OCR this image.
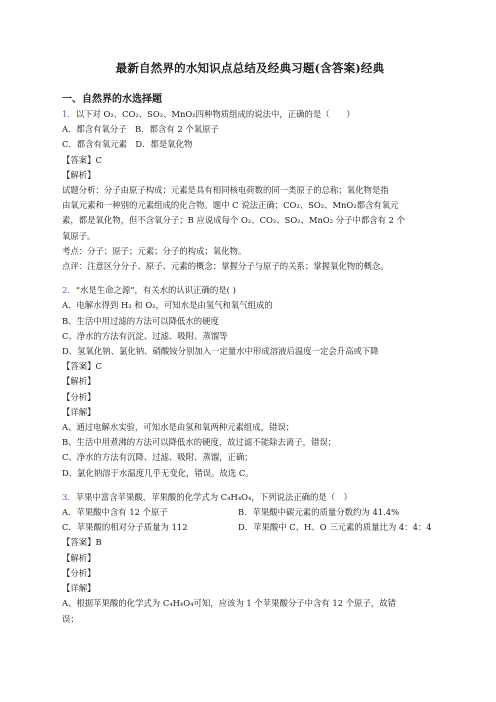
最新自然界的水知识点总结及经典习题(含答案)经典
一、自然界的水选择题
1．以下对 O₂、CO₂、SO₂、MnO₂四种物质组成的说法中，正确的是（　　）
A．都含有氧分子　B．都含有 2 个氧原子
C．都含有氧元素　D．都是氧化物
【答案】C
【解析】
试题分析：分子由原子构成；元素是具有相同核电荷数的同一类原子的总称；氧化物是指
由氧元素和一种别的元素组成的化合物。题中 C 说法正确；CO₂、SO₂、MnO₂都含有氧元
素，都是氧化物，但不含氧分子；B 应说成每个 O₂、CO₂、SO₂、MnO₂ 分子中都含有 2 个
氧原子。
考点：分子；原子；元素；分子的构成；氧化物。
点评：注意区分分子、原子、元素的概念；掌握分子与原子的关系；掌握氧化物的概念。
2．“水是生命之源”，有关水的认识正确的是( )
A、电解水得到 H₂ 和 O₂，可知水是由氢气和氧气组成的
B、生活中用过滤的方法可以降低水的硬度
C、净水的方法有沉淀、过滤、吸附、蒸馏等
D、氢氧化钠、氯化钠、硝酸铵分别加入一定量水中形成溶液后温度一定会升高或下降
【答案】C
【解析】
【分析】
【详解】
A、通过电解水实验，可知水是由氢和氧两种元素组成，错误；
B、生活中用煮沸的方法可以降低水的硬度，故过滤不能除去离子，错误；
C、净水的方法有沉降、过滤、吸附、蒸馏，正确；
D、氯化钠溶于水温度几乎无变化，错误。故选 C。
3．苹果中富含苹果酸，苹果酸的化学式为 C₄H₄O₄，下列说法正确的是（　）
A．苹果酸中含有 12 个原子	B．苹果酸中碳元素的质量分数约为 41.4%
C．苹果酸的相对分子质量为 112	D．苹果酸中 C、H、O 三元素的质量比为 4：4：4
【答案】B
【解析】
【分析】
【详解】
A、根据苹果酸的化学式为 C₄H₄O₄可知，应该为 1 个苹果酸分子中含有 12 个原子，故错
误；
